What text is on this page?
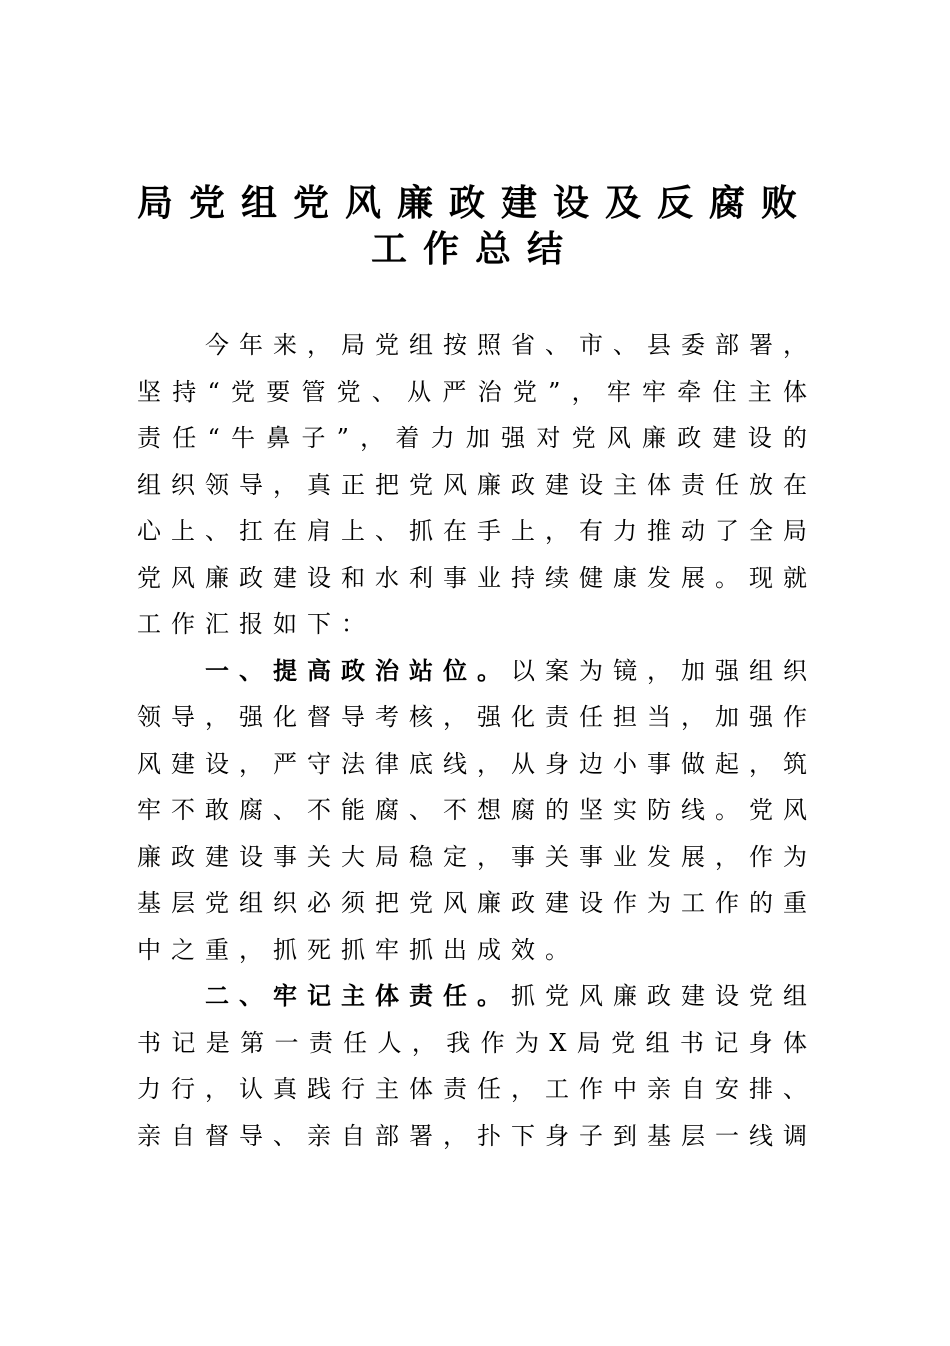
局党组党风廉政建设及反腐败
工作总结

今年来，局党组按照省、市、县委部署，坚持“党要管党、从严治党”，牢牢牵住主体责任“牛鼻子”，着力加强对党风廉政建设的组织领导，真正把党风廉政建设主体责任放在心上、扛在肩上、抓在手上，有力推动了全局党风廉政建设和水利事业持续健康发展。现就工作汇报如下：

一、提高政治站位。以案为镜，加强组织领导，强化督导考核，强化责任担当，加强作风建设，严守法律底线，从身边小事做起，筑牢不敢腐、不能腐、不想腐的坚实防线。党风廉政建设事关大局稳定，事关事业发展，作为基层党组织必须把党风廉政建设作为工作的重中之重，抓死抓牢抓出成效。

二、牢记主体责任。抓党风廉政建设党组书记是第一责任人，我作为X局党组书记身体力行，认真践行主体责任，工作中亲自安排、亲自督导、亲自部署，扑下身子到基层一线调
